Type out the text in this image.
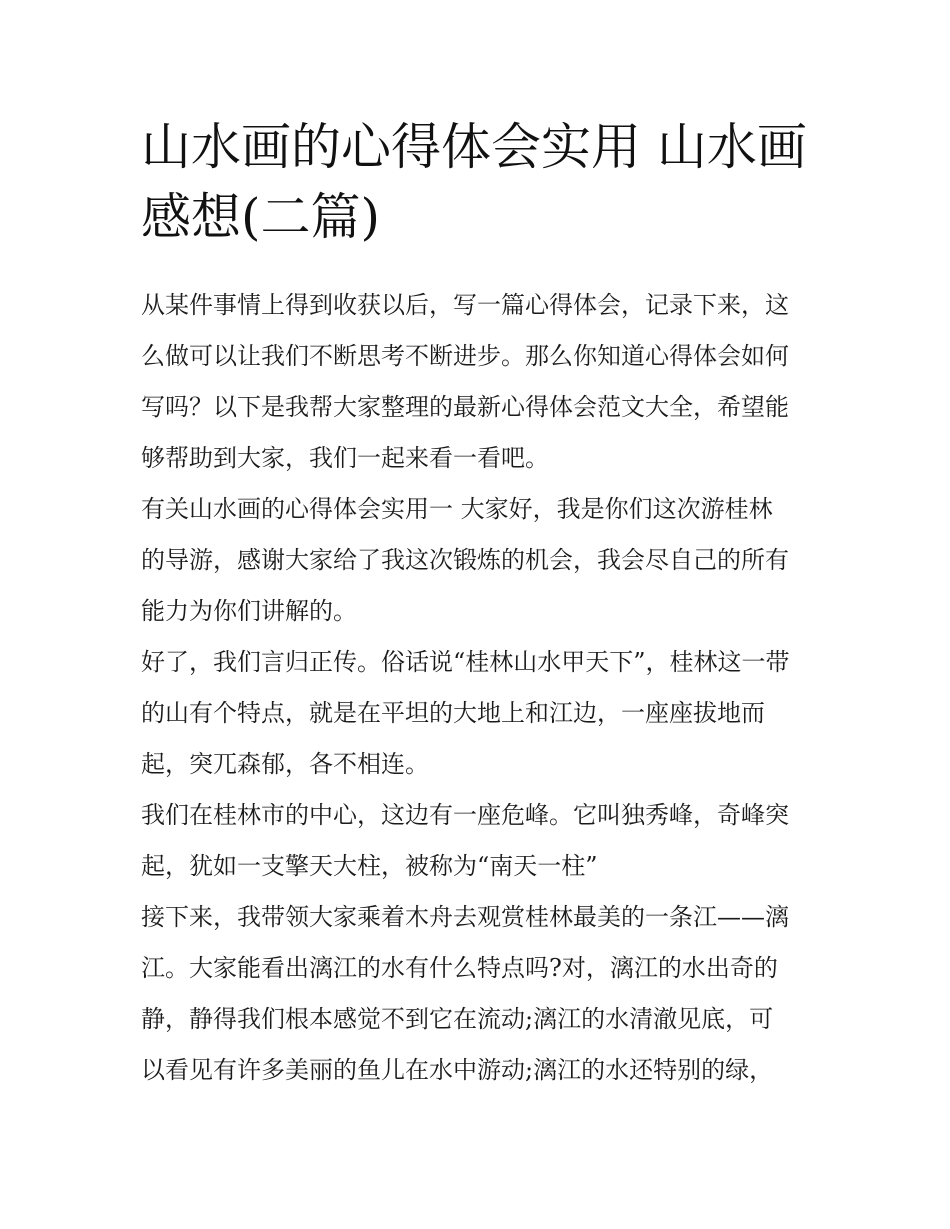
山水画的心得体会实用 山水画
感想(二篇)

从某件事情上得到收获以后，写一篇心得体会，记录下来，这
么做可以让我们不断思考不断进步。那么你知道心得体会如何
写吗？以下是我帮大家整理的最新心得体会范文大全，希望能
够帮助到大家，我们一起来看一看吧。

有关山水画的心得体会实用一 大家好，我是你们这次游桂林
的导游，感谢大家给了我这次锻炼的机会，我会尽自己的所有
能力为你们讲解的。

好了，我们言归正传。俗话说“桂林山水甲天下”，桂林这一带
的山有个特点，就是在平坦的大地上和江边，一座座拔地而
起，突兀森郁，各不相连。

我们在桂林市的中心，这边有一座危峰。它叫独秀峰，奇峰突
起，犹如一支擎天大柱，被称为“南天一柱”

接下来，我带领大家乘着木舟去观赏桂林最美的一条江——漓
江。大家能看出漓江的水有什么特点吗?对，漓江的水出奇的
静，静得我们根本感觉不到它在流动;漓江的水清澈见底，可
以看见有许多美丽的鱼儿在水中游动;漓江的水还特别的绿，
